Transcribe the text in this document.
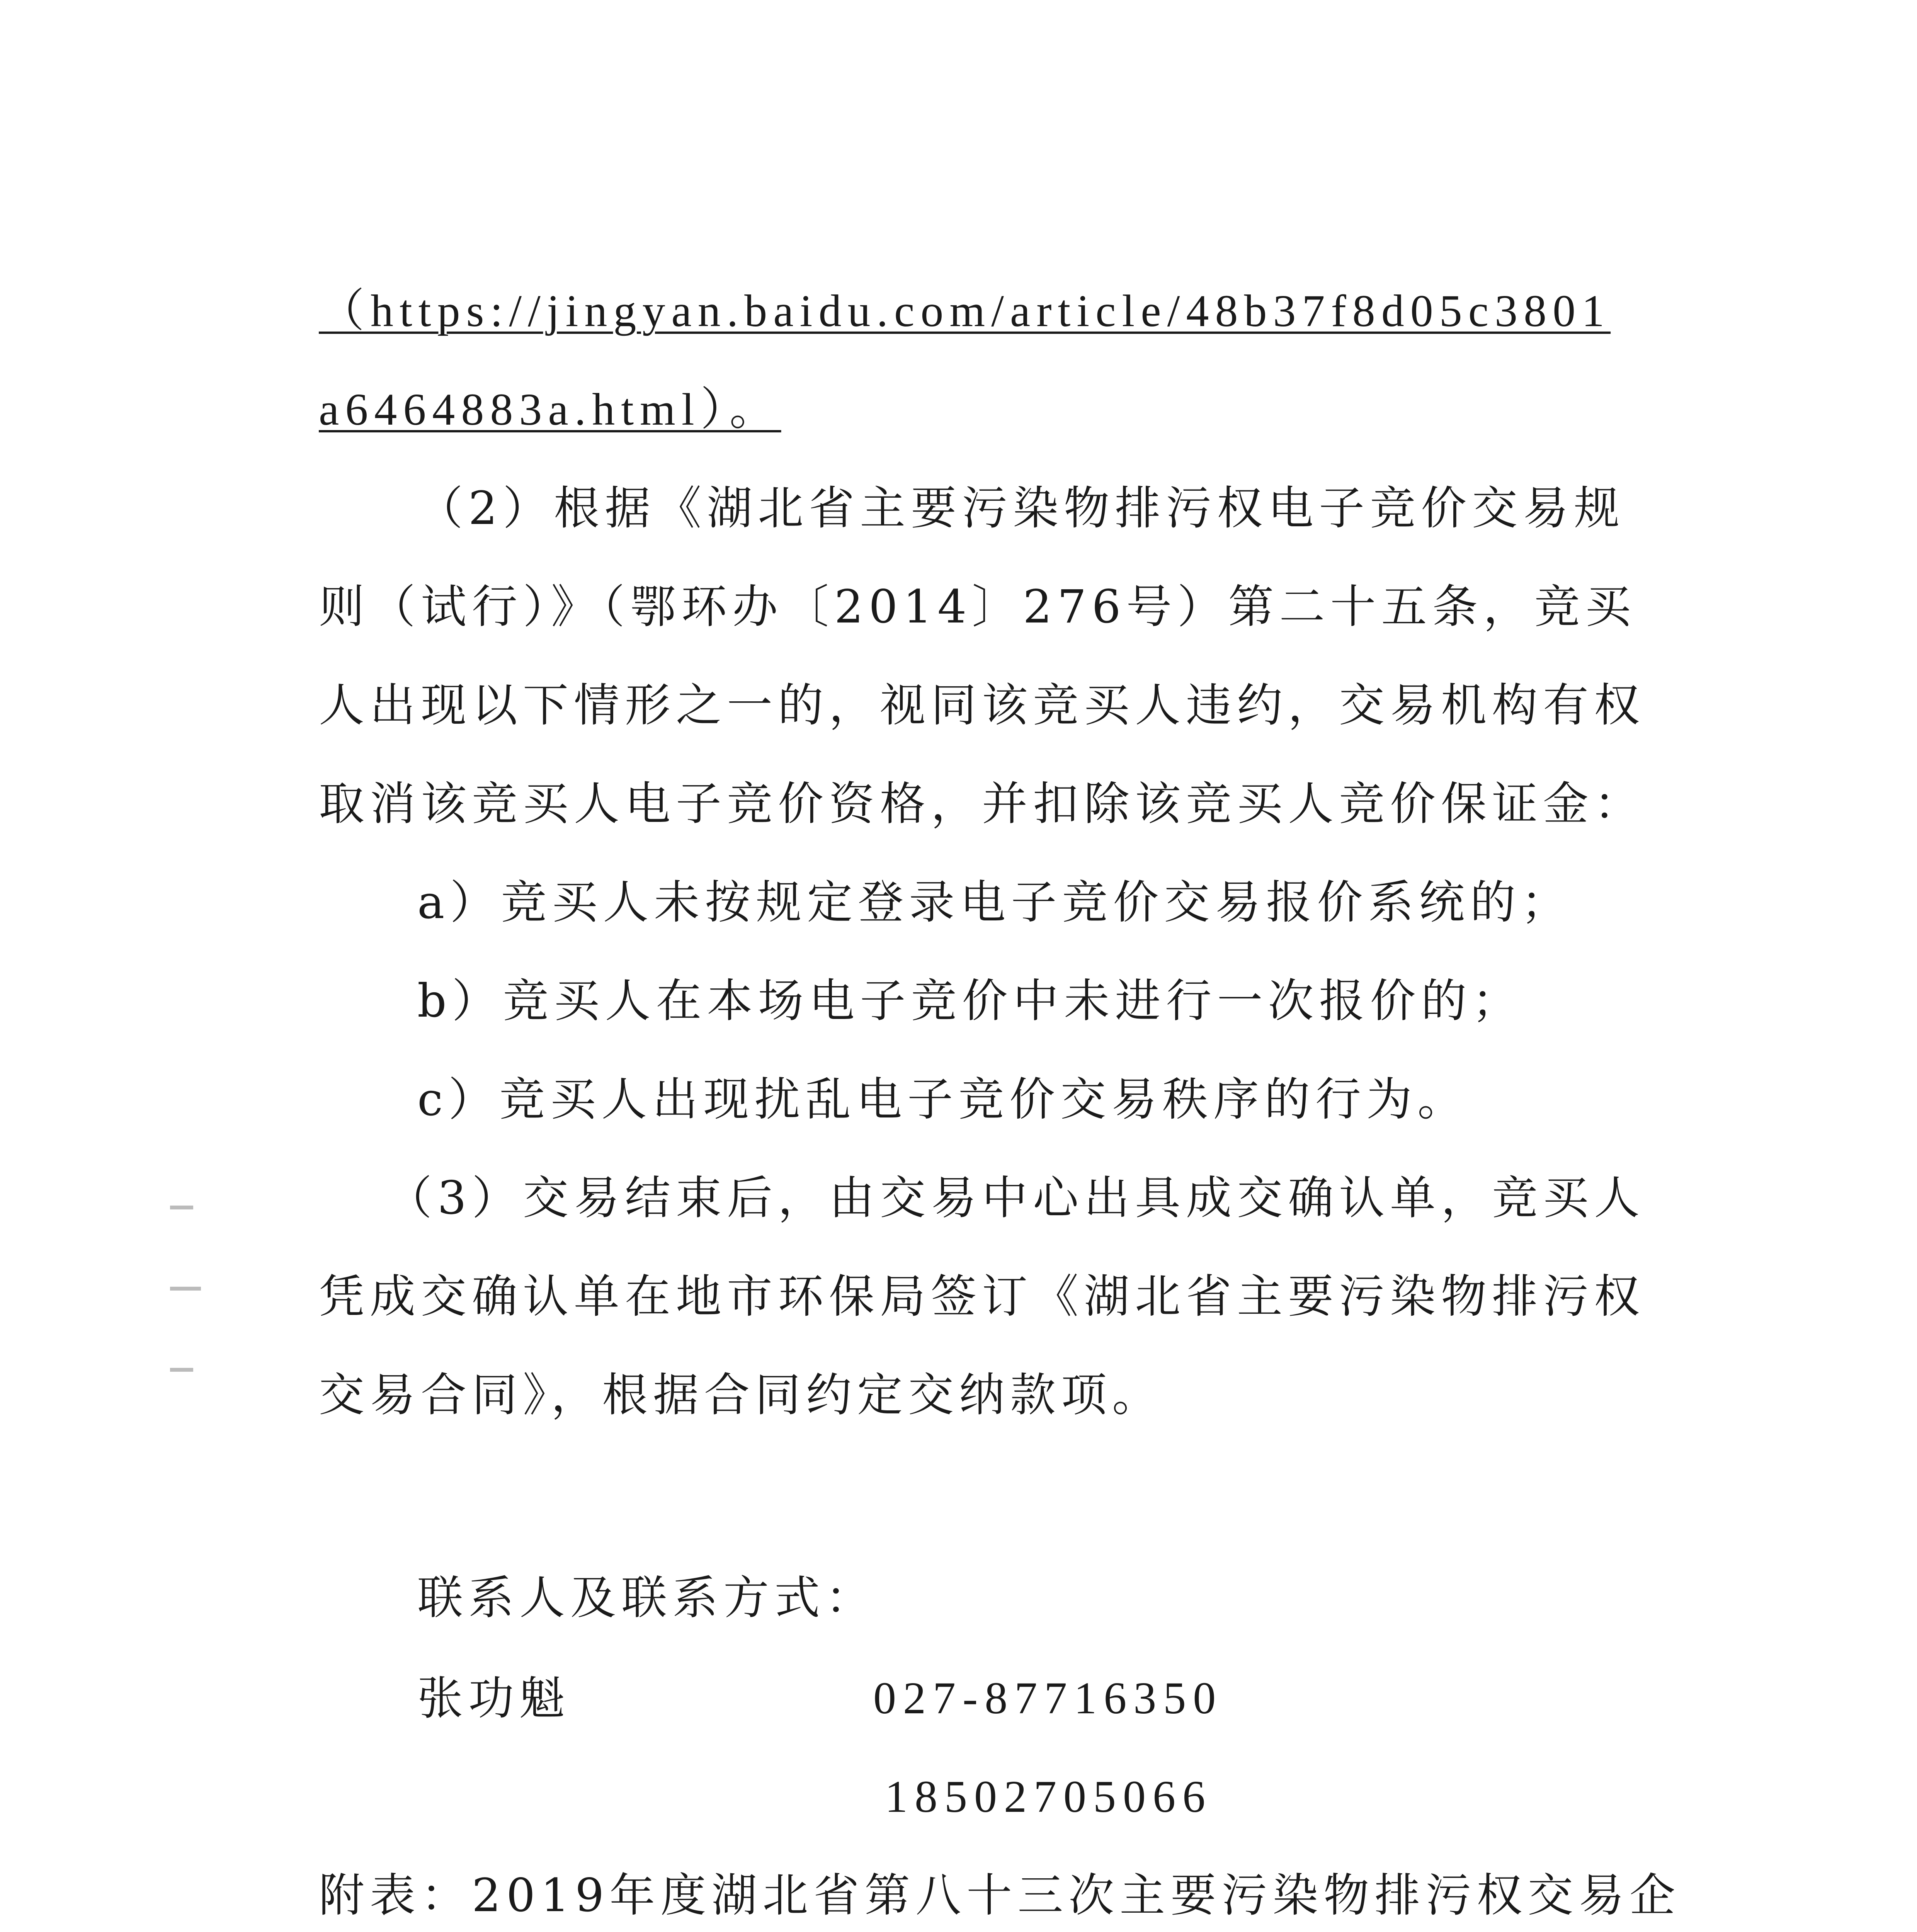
（https://jingyan.baidu.com/article/48b37f8d05c3801
a6464883a.html）。
（2）根据《湖北省主要污染物排污权电子竞价交易规
则（试行）》（鄂环办〔2014〕276号）第二十五条，竞买
人出现以下情形之一的，视同该竞买人违约，交易机构有权
取消该竞买人电子竞价资格，并扣除该竞买人竞价保证金：
a）竞买人未按规定登录电子竞价交易报价系统的；
b）竞买人在本场电子竞价中未进行一次报价的；
c）竞买人出现扰乱电子竞价交易秩序的行为。
（3）交易结束后，由交易中心出具成交确认单，竞买人
凭成交确认单在地市环保局签订《湖北省主要污染物排污权
交易合同》，根据合同约定交纳款项。
联系人及联系方式：
张功魁	027-87716350
18502705066
附表：2019年度湖北省第八十三次主要污染物排污权交易企
